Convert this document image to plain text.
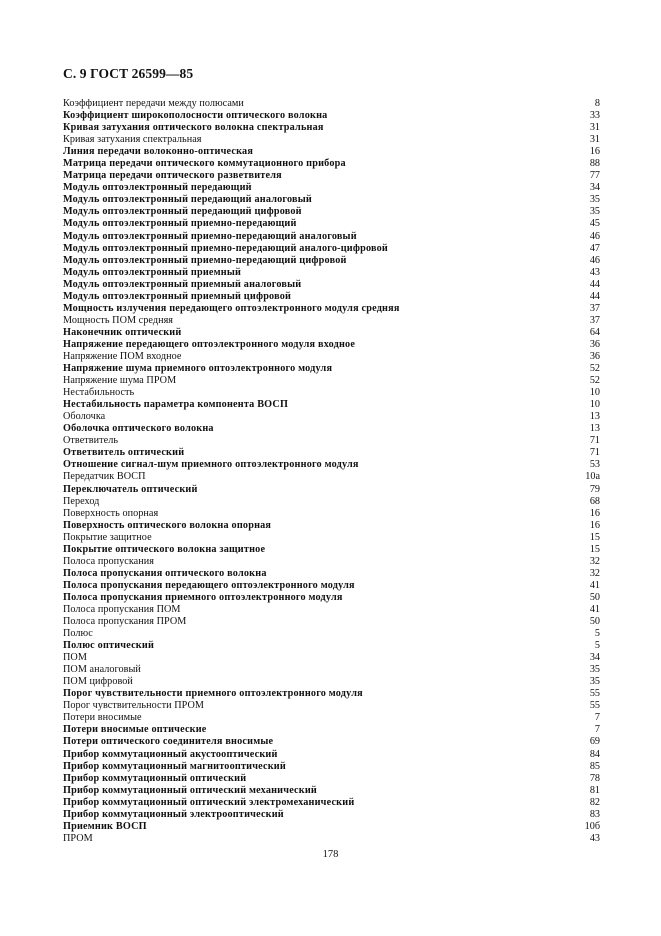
С. 9 ГОСТ 26599—85
Коэффициент передачи между полюсами	8
Коэффициент широкополосности оптического волокна	33
Кривая затухания оптического волокна спектральная	31
Кривая затухания спектральная	31
Линия передачи волоконно-оптическая	16
Матрица передачи оптического коммутационного прибора	88
Матрица передачи оптического разветвителя	77
Модуль оптоэлектронный передающий	34
Модуль оптоэлектронный передающий аналоговый	35
Модуль оптоэлектронный передающий цифровой	35
Модуль оптоэлектронный приемно-передающий	45
Модуль оптоэлектронный приемно-передающий аналоговый	46
Модуль оптоэлектронный приемно-передающий аналого-цифровой	47
Модуль оптоэлектронный приемно-передающий цифровой	46
Модуль оптоэлектронный приемный	43
Модуль оптоэлектронный приемный аналоговый	44
Модуль оптоэлектронный приемный цифровой	44
Мощность излучения передающего оптоэлектронного модуля средняя	37
Мощность ПОМ средняя	37
Наконечник оптический	64
Напряжение передающего оптоэлектронного модуля входное	36
Напряжение ПОМ входное	36
Напряжение шума приемного оптоэлектронного модуля	52
Напряжение шума ПРОМ	52
Нестабильность	10
Нестабильность параметра компонента ВОСП	10
Оболочка	13
Оболочка оптического волокна	13
Ответвитель	71
Ответвитель оптический	71
Отношение сигнал-шум приемного оптоэлектронного модуля	53
Передатчик ВОСП	10а
Переключатель оптический	79
Переход	68
Поверхность опорная	16
Поверхность оптического волокна опорная	16
Покрытие защитное	15
Покрытие оптического волокна защитное	15
Полоса пропускания	32
Полоса пропускания оптического волокна	32
Полоса пропускания передающего оптоэлектронного модуля	41
Полоса пропускания приемного оптоэлектронного модуля	50
Полоса пропускания ПОМ	41
Полоса пропускания ПРОМ	50
Полюс	5
Полюс оптический	5
ПОМ	34
ПОМ аналоговый	35
ПОМ цифровой	35
Порог чувствительности приемного оптоэлектронного модуля	55
Порог чувствительности ПРОМ	55
Потери вносимые	7
Потери вносимые оптические	7
Потери оптического соединителя вносимые	69
Прибор коммутационный акустооптический	84
Прибор коммутационный магнитооптический	85
Прибор коммутационный оптический	78
Прибор коммутационный оптический механический	81
Прибор коммутационный оптический электромеханический	82
Прибор коммутационный электрооптический	83
Приемник ВОСП	10б
ПРОМ	43
178
